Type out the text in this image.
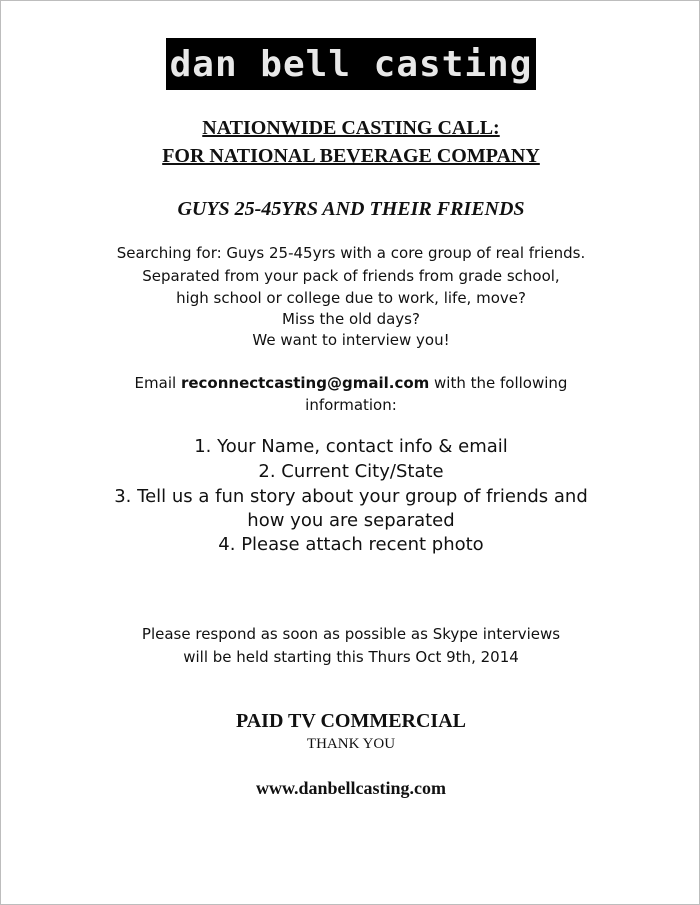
dan bell casting
NATIONWIDE CASTING CALL:
FOR NATIONAL BEVERAGE COMPANY
GUYS 25-45YRS AND THEIR FRIENDS
Searching for: Guys 25-45yrs with a core group of real friends.
Separated from your pack of friends from grade school,
high school or college due to work, life, move?
Miss the old days?
We want to interview you!
Email reconnectcasting@gmail.com with the following
information:
1. Your Name, contact info & email
2. Current City/State
3. Tell us a fun story about your group of friends and
how you are separated
4. Please attach recent photo
Please respond as soon as possible as Skype interviews
will be held starting this Thurs Oct 9th, 2014
PAID TV COMMERCIAL
THANK YOU
www.danbellcasting.com
